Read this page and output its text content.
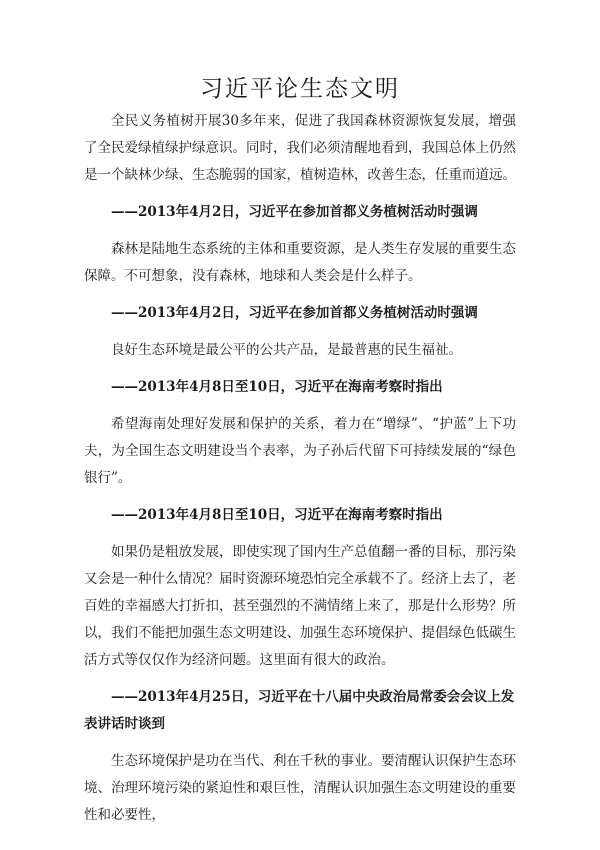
习近平论生态文明

全民义务植树开展30多年来，促进了我国森林资源恢复发展，增强了全民爱绿植绿护绿意识。同时，我们必须清醒地看到，我国总体上仍然是一个缺林少绿、生态脆弱的国家，植树造林，改善生态，任重而道远。

——2013年4月2日，习近平在参加首都义务植树活动时强调

森林是陆地生态系统的主体和重要资源，是人类生存发展的重要生态保障。不可想象，没有森林，地球和人类会是什么样子。

——2013年4月2日，习近平在参加首都义务植树活动时强调

良好生态环境是最公平的公共产品，是最普惠的民生福祉。

——2013年4月8日至10日，习近平在海南考察时指出

希望海南处理好发展和保护的关系，着力在“增绿”、“护蓝”上下功夫，为全国生态文明建设当个表率，为子孙后代留下可持续发展的“绿色银行”。

——2013年4月8日至10日，习近平在海南考察时指出

如果仍是粗放发展，即使实现了国内生产总值翻一番的目标，那污染又会是一种什么情况？届时资源环境恐怕完全承载不了。经济上去了，老百姓的幸福感大打折扣，甚至强烈的不满情绪上来了，那是什么形势？所以，我们不能把加强生态文明建设、加强生态环境保护、提倡绿色低碳生活方式等仅仅作为经济问题。这里面有很大的政治。

——2013年4月25日，习近平在十八届中央政治局常委会会议上发表讲话时谈到

生态环境保护是功在当代、利在千秋的事业。要清醒认识保护生态环境、治理环境污染的紧迫性和艰巨性，清醒认识加强生态文明建设的重要性和必要性，
